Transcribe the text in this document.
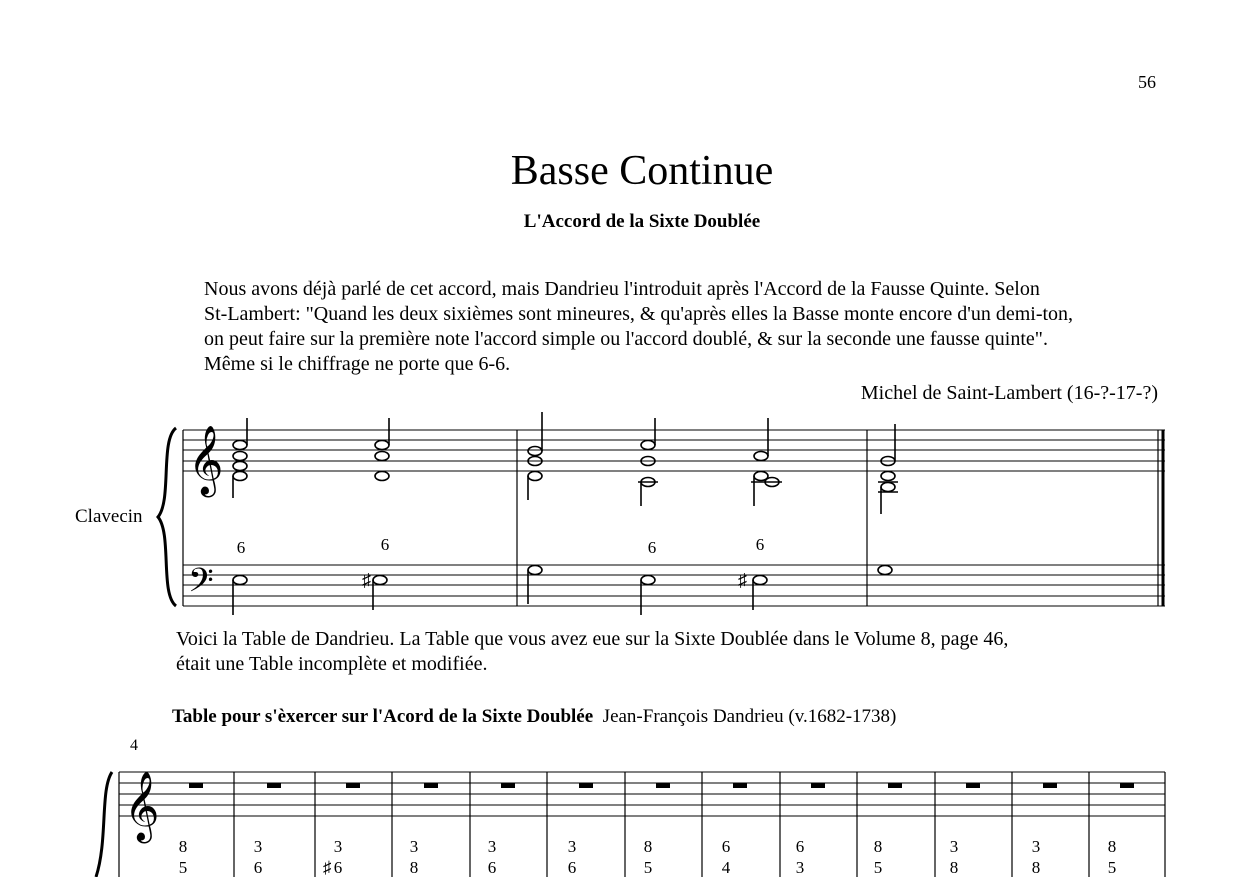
56
Basse Continue
L'Accord de la Sixte Doublée
Nous avons déjà parlé de cet accord, mais Dandrieu l'introduit après l'Accord de la Fausse Quinte. Selon
St-Lambert: "Quand les deux sixièmes sont mineures, & qu'après elles la Basse monte encore d'un demi-ton,
on peut faire sur la première note l'accord simple ou l'accord doublé, & sur la seconde une fausse quinte".
Même si le chiffrage ne porte que 6-6.
Michel de Saint-Lambert (16-?-17-?)
Clavecin
𝄞
𝄢	♯	♯
6	6	6	6
Voici la Table de Dandrieu. La Table que vous avez eue sur la Sixte Doublée dans le Volume 8, page 46,
était une Table incomplète et modifiée.
Table pour s'èxercer sur l'Acord de la Sixte Doublée Jean-François Dandrieu (v.1682-1738)
4
𝄞
8
5
3
6
3
6
♯
3
8
3
6
3
6
8
5
6
4
6
3
8
5
3
8
3
8
8
5
